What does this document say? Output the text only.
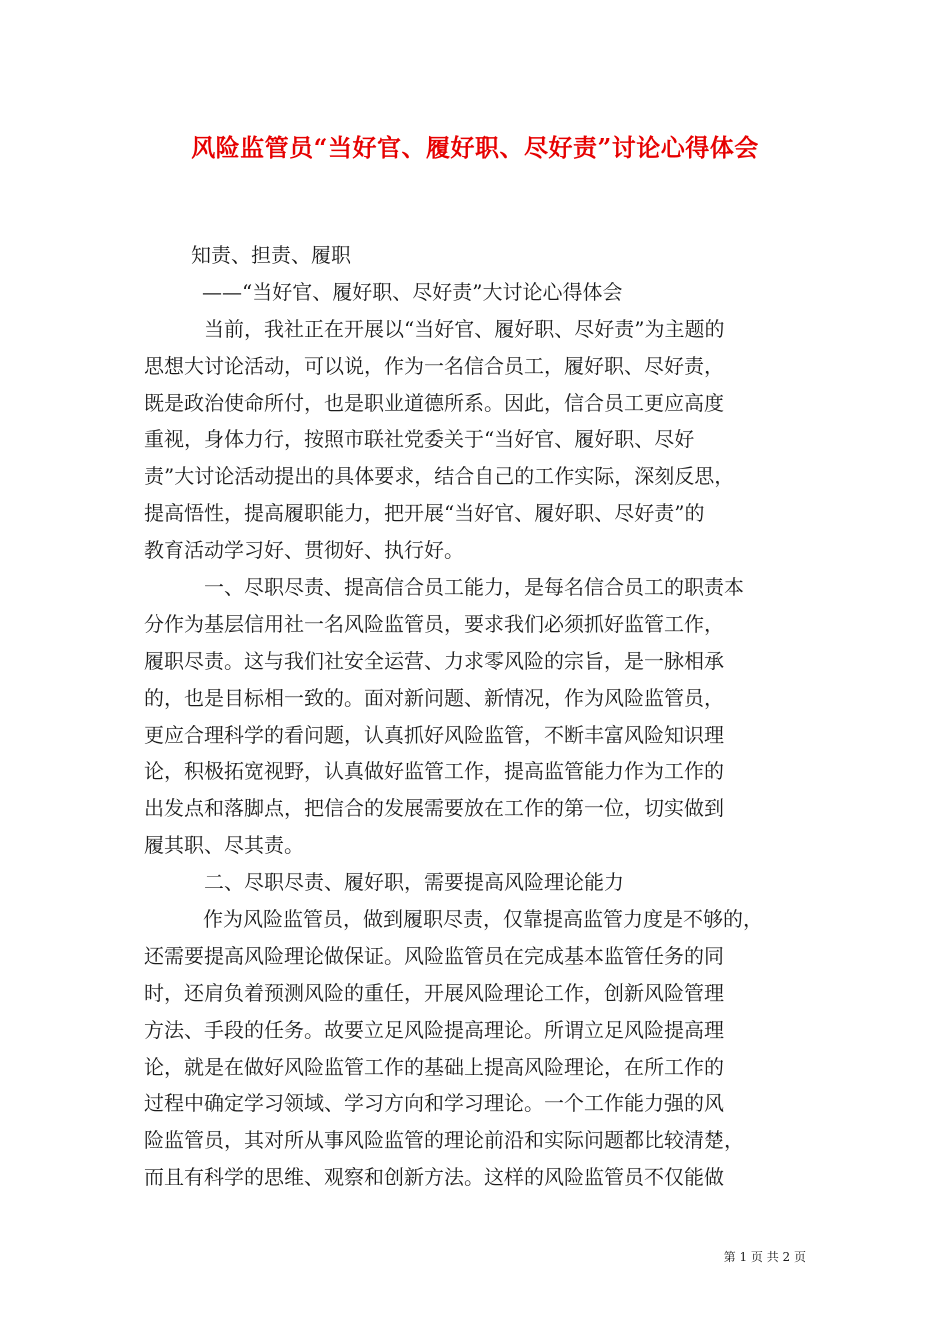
风险监管员“当好官、履好职、尽好责”讨论心得体会
知责、担责、履职
——“当好官、履好职、尽好责”大讨论心得体会
当前，我社正在开展以“当好官、履好职、尽好责”为主题的
思想大讨论活动，可以说，作为一名信合员工，履好职、尽好责，
既是政治使命所付，也是职业道德所系。因此，信合员工更应高度
重视，身体力行，按照市联社党委关于“当好官、履好职、尽好
责”大讨论活动提出的具体要求，结合自己的工作实际，深刻反思，
提高悟性，提高履职能力，把开展“当好官、履好职、尽好责”的
教育活动学习好、贯彻好、执行好。
一、尽职尽责、提高信合员工能力，是每名信合员工的职责本
分作为基层信用社一名风险监管员，要求我们必须抓好监管工作，
履职尽责。这与我们社安全运营、力求零风险的宗旨，是一脉相承
的，也是目标相一致的。面对新问题、新情况，作为风险监管员，
更应合理科学的看问题，认真抓好风险监管，不断丰富风险知识理
论，积极拓宽视野，认真做好监管工作，提高监管能力作为工作的
出发点和落脚点，把信合的发展需要放在工作的第一位，切实做到
履其职、尽其责。
二、尽职尽责、履好职，需要提高风险理论能力
作为风险监管员，做到履职尽责，仅靠提高监管力度是不够的，
还需要提高风险理论做保证。风险监管员在完成基本监管任务的同
时，还肩负着预测风险的重任，开展风险理论工作，创新风险管理
方法、手段的任务。故要立足风险提高理论。所谓立足风险提高理
论，就是在做好风险监管工作的基础上提高风险理论，在所工作的
过程中确定学习领域、学习方向和学习理论。一个工作能力强的风
险监管员，其对所从事风险监管的理论前沿和实际问题都比较清楚，
而且有科学的思维、观察和创新方法。这样的风险监管员不仅能做
第 1 页 共 2 页
